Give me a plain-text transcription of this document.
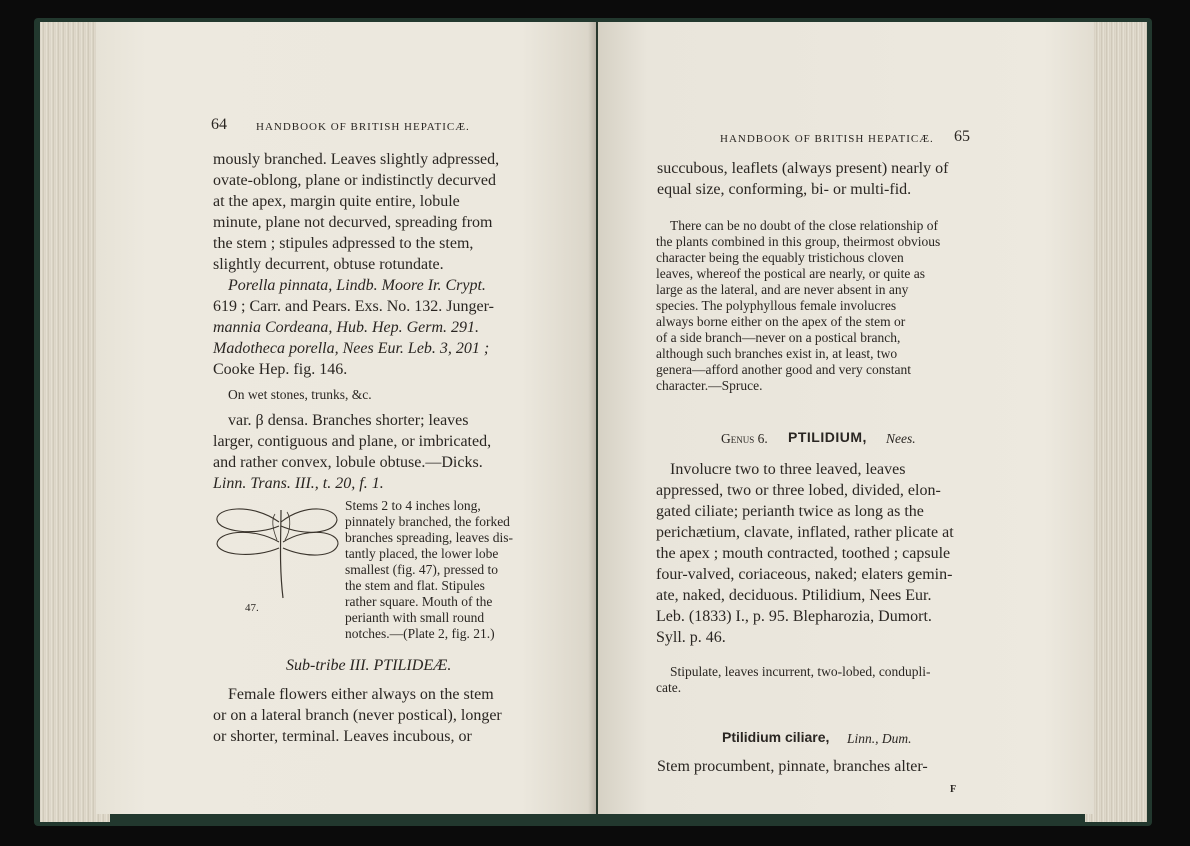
64	HANDBOOK OF BRITISH HEPATICÆ.
mously branched. Leaves slightly adpressed,
ovate-oblong, plane or indistinctly decurved
at the apex, margin quite entire, lobule
minute, plane not decurved, spreading from
the stem ; stipules adpressed to the stem,
slightly decurrent, obtuse rotundate.
Porella pinnata, Lindb. Moore Ir. Crypt.
619 ; Carr. and Pears. Exs. No. 132. Junger-
mannia Cordeana, Hub. Hep. Germ. 291.
Madotheca porella, Nees Eur. Leb. 3, 201 ;
Cooke Hep. fig. 146.
On wet stones, trunks, &c.
var. β densa. Branches shorter; leaves
larger, contiguous and plane, or imbricated,
and rather convex, lobule obtuse.—Dicks.
Linn. Trans. III., t. 20, f. 1.
47.
Stems 2 to 4 inches long,
pinnately branched, the forked
branches spreading, leaves dis-
tantly placed, the lower lobe
smallest (fig. 47), pressed to
the stem and flat. Stipules
rather square. Mouth of the
perianth with small round
notches.—(Plate 2, fig. 21.)
Sub-tribe III. PTILIDEÆ.
Female flowers either always on the stem
or on a lateral branch (never postical), longer
or shorter, terminal. Leaves incubous, or
HANDBOOK OF BRITISH HEPATICÆ. 65
succubous, leaflets (always present) nearly of
equal size, conforming, bi- or multi-fid.
There can be no doubt of the close relationship of
the plants combined in this group, theirmost obvious
character being the equably tristichous cloven
leaves, whereof the postical are nearly, or quite as
large as the lateral, and are never absent in any
species. The polyphyllous female involucres
always borne either on the apex of the stem or
of a side branch—never on a postical branch,
although such branches exist in, at least, two
genera—afford another good and very constant
character.—Spruce.
Genus 6. PTILIDIUM, Nees.
Involucre two to three leaved, leaves
appressed, two or three lobed, divided, elon-
gated ciliate; perianth twice as long as the
perichætium, clavate, inflated, rather plicate at
the apex ; mouth contracted, toothed ; capsule
four-valved, coriaceous, naked; elaters gemin-
ate, naked, deciduous. Ptilidium, Nees Eur.
Leb. (1833) I., p. 95. Blepharozia, Dumort.
Syll. p. 46.
Stipulate, leaves incurrent, two-lobed, condupli-
cate.
Ptilidium ciliare, Linn., Dum.
Stem procumbent, pinnate, branches alter-
F
